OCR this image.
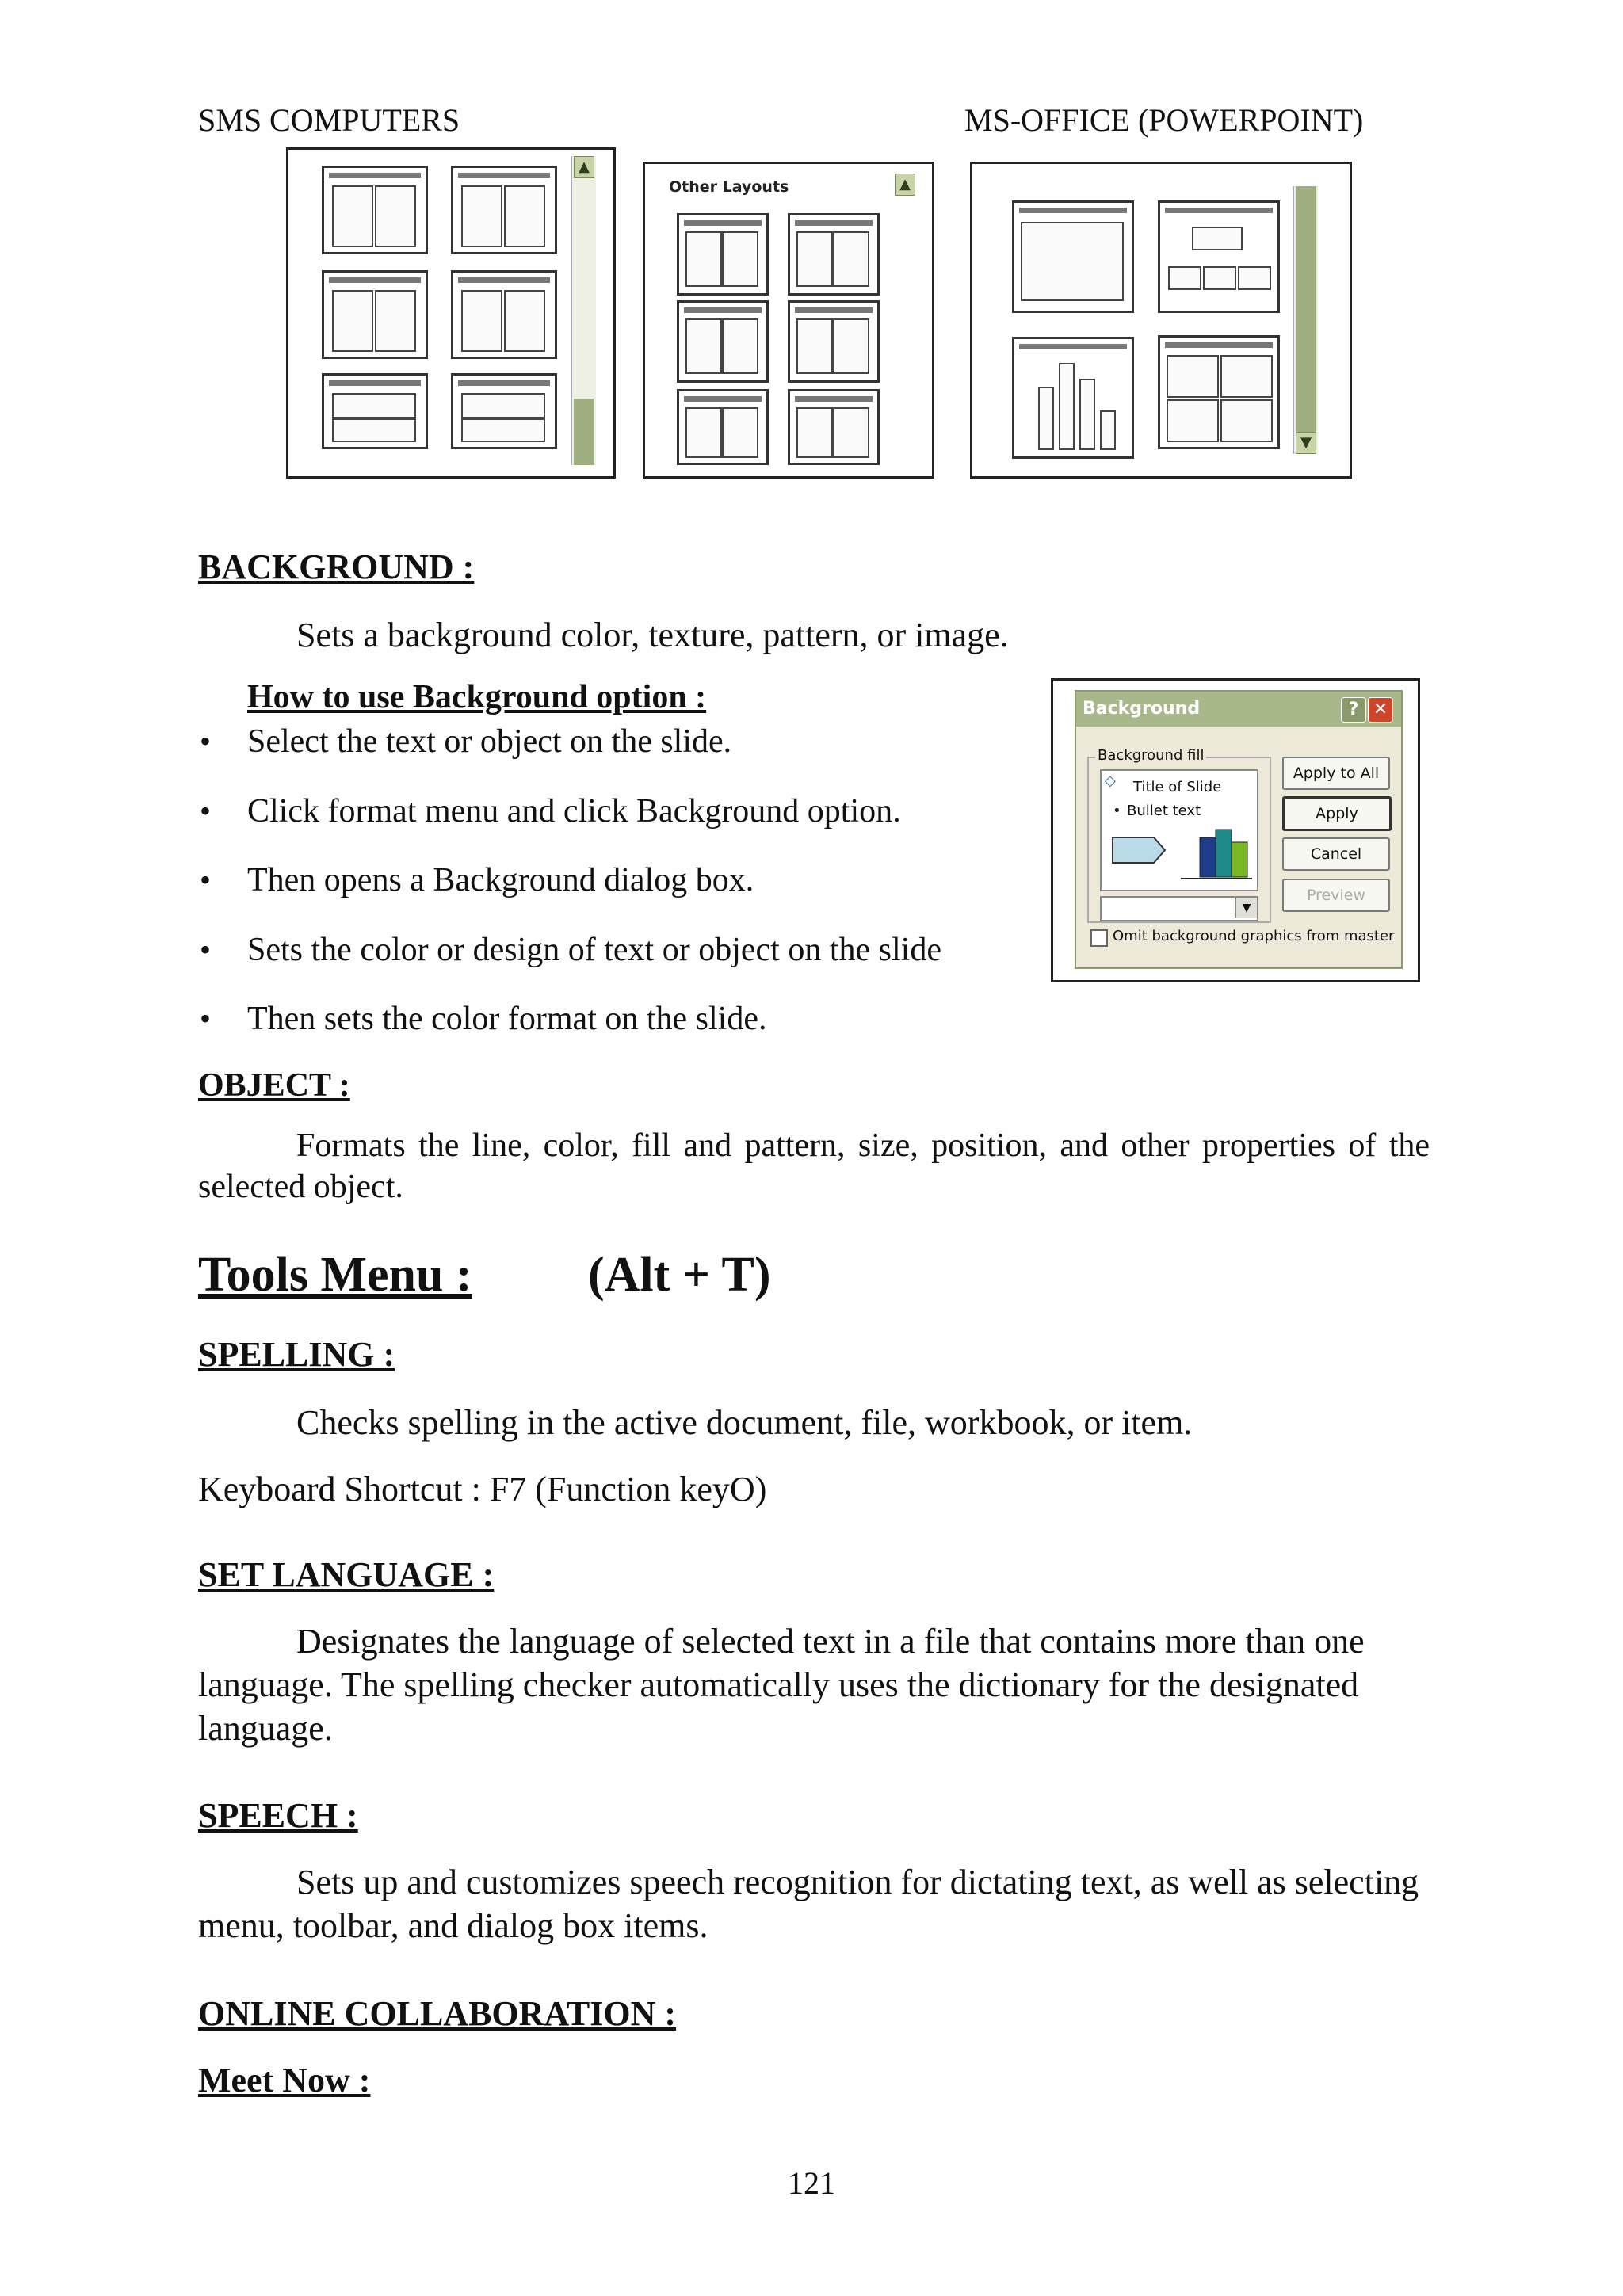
SMS COMPUTERS	MS-OFFICE (POWERPOINT)
▲
Other Layouts	▲
▼
BACKGROUND :
Sets a background color, texture, pattern, or image.
How to use Background option :
• Select the text or object on the slide.
• Click format menu and click Background option.
• Then opens a Background dialog box.
• Sets the color or design of text or object on the slide
• Then sets the color format on the slide.
Background	? ✕
Background fill
◇ Title of Slide
• Bullet text
▼
Apply to All
Apply
Cancel
Preview
Omit background graphics from master
OBJECT :
Formats the line, color, fill and pattern, size, position, and other properties of the selected object.
Tools Menu : (Alt + T)
SPELLING :
Checks spelling in the active document, file, workbook, or item.
Keyboard Shortcut : F7 (Function keyO)
SET LANGUAGE :
Designates the language of selected text in a file that contains more than one language. The spelling checker automatically uses the dictionary for the designated language.
SPEECH :
Sets up and customizes speech recognition for dictating text, as well as selecting menu, toolbar, and dialog box items.
ONLINE COLLABORATION :
Meet Now :
121
